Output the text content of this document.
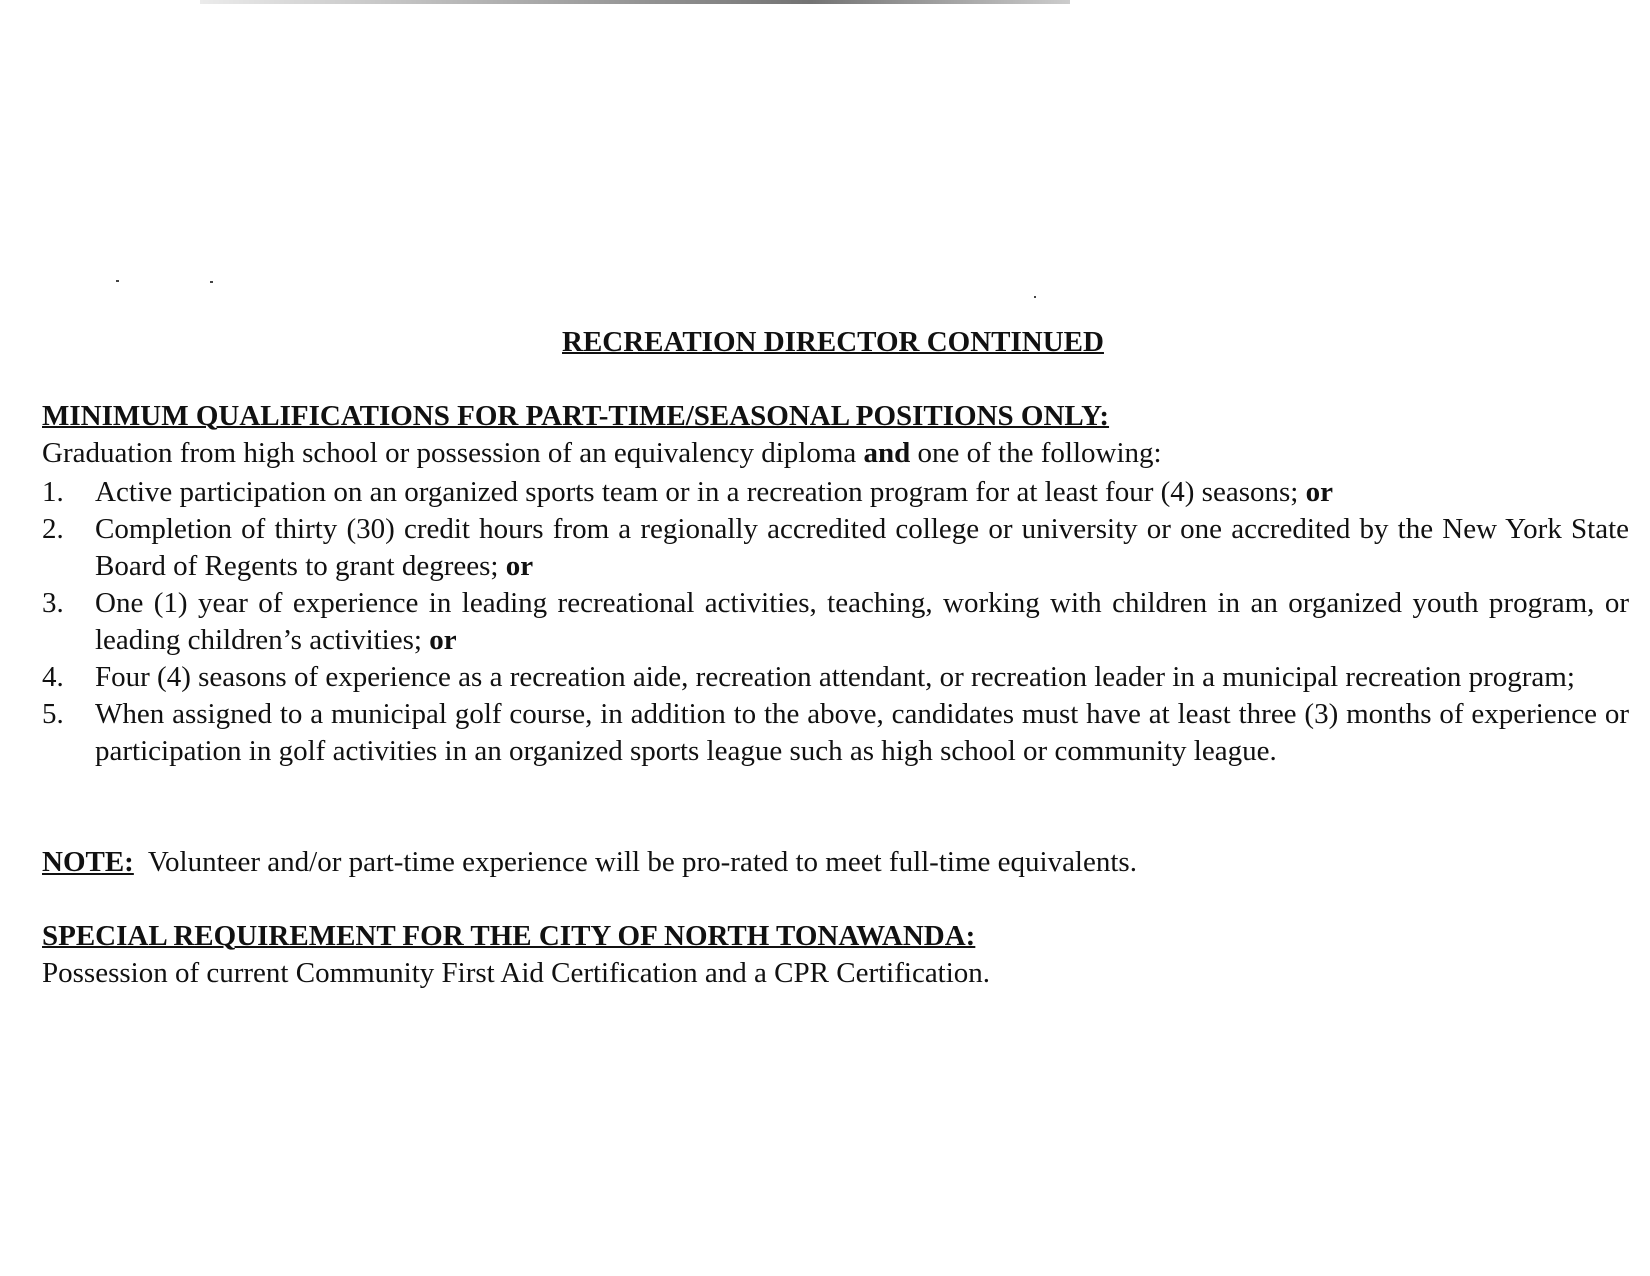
RECREATION DIRECTOR CONTINUED
MINIMUM QUALIFICATIONS FOR PART-TIME/SEASONAL POSITIONS ONLY:
Graduation from high school or possession of an equivalency diploma and one of the following:
1. Active participation on an organized sports team or in a recreation program for at least four (4) seasons; or
2. Completion of thirty (30) credit hours from a regionally accredited college or university or one accredited by the New York State Board of Regents to grant degrees; or
3. One (1) year of experience in leading recreational activities, teaching, working with children in an organized youth program, or leading children’s activities; or
4. Four (4) seasons of experience as a recreation aide, recreation attendant, or recreation leader in a municipal recreation program;
5. When assigned to a municipal golf course, in addition to the above, candidates must have at least three (3) months of experience or participation in golf activities in an organized sports league such as high school or community league.
NOTE: Volunteer and/or part-time experience will be pro-rated to meet full-time equivalents.
SPECIAL REQUIREMENT FOR THE CITY OF NORTH TONAWANDA:
Possession of current Community First Aid Certification and a CPR Certification.
